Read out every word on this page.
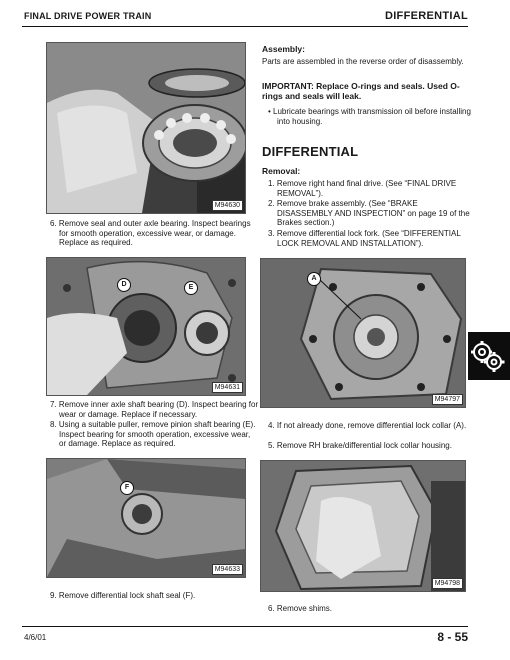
FINAL DRIVE POWER TRAIN	DIFFERENTIAL
M94630
6. Remove seal and outer axle bearing. Inspect bearings for smooth operation, excessive wear, or damage. Replace as required.
D	E
M94631
7. Remove inner axle shaft bearing (D). Inspect bearing for wear or damage. Replace if necessary.
8. Using a suitable puller, remove pinion shaft bearing (E). Inspect bearing for smooth operation, excessive wear, or damage. Replace as required.
F
M94633
9. Remove differential lock shaft seal (F).
Assembly:
Parts are assembled in the reverse order of disassembly.
IMPORTANT: Replace O-rings and seals. Used O-rings and seals will leak.
• Lubricate bearings with transmission oil before installing into housing.
DIFFERENTIAL
Removal:
1. Remove right hand final drive. (See “FINAL DRIVE REMOVAL”).
2. Remove brake assembly. (See “BRAKE DISASSEMBLY AND INSPECTION” on page 19 of the Brakes section.)
3. Remove differential lock fork. (See “DIFFERENTIAL LOCK REMOVAL AND INSTALLATION”).
A
M94797
4. If not already done, remove differential lock collar (A).
5. Remove RH brake/differential lock collar housing.
M94798
6. Remove shims.
4/6/01	8 - 55
